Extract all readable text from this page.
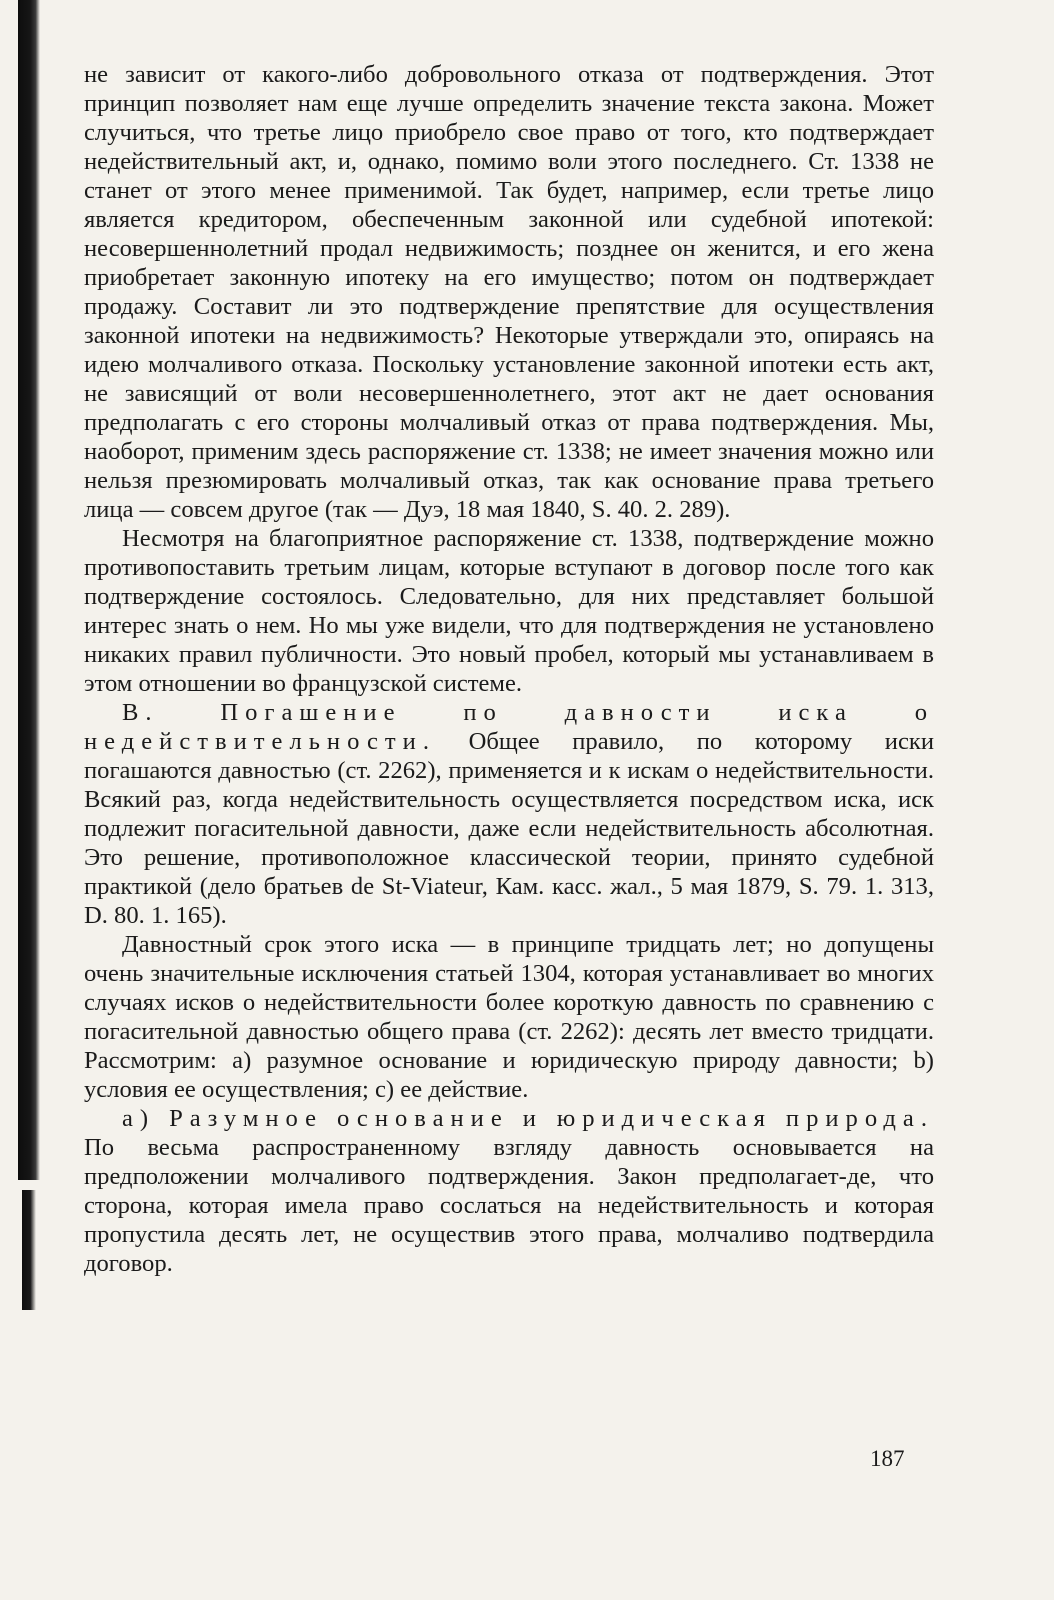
не зависит от какого-либо добровольного отказа от подтверждения. Этот принцип позволяет нам еще лучше определить значение текста закона. Может случиться, что третье лицо приобрело свое право от того, кто подтверждает недействительный акт, и, однако, помимо воли этого последнего. Ст. 1338 не станет от этого менее применимой. Так будет, например, если третье лицо является кредитором, обеспеченным законной или судебной ипотекой: несовершеннолетний продал недвижимость; позднее он женится, и его жена приобретает законную ипотеку на его имущество; потом он подтверждает продажу. Составит ли это подтверждение препятствие для осуществления законной ипотеки на недвижимость? Некоторые утверждали это, опираясь на идею молчаливого отказа. Поскольку установление законной ипотеки есть акт, не зависящий от воли несовершеннолетнего, этот акт не дает основания предполагать с его стороны молчаливый отказ от права подтверждения. Мы, наоборот, применим здесь распоряжение ст. 1338; не имеет значения можно или нельзя презюмировать молчаливый отказ, так как основание права третьего лица — совсем другое (так — Дуэ, 18 мая 1840, S. 40. 2. 289).

Несмотря на благоприятное распоряжение ст. 1338, подтверждение можно противопоставить третьим лицам, которые вступают в договор после того как подтверждение состоялось. Следовательно, для них представляет большой интерес знать о нем. Но мы уже видели, что для подтверждения не установлено никаких правил публичности. Это новый пробел, который мы устанавливаем в этом отношении во французской системе.

B. Погашение по давности иска о недействительности. Общее правило, по которому иски погашаются давностью (ст. 2262), применяется и к искам о недействительности. Всякий раз, когда недействительность осуществляется посредством иска, иск подлежит погасительной давности, даже если недействительность абсолютная. Это решение, противоположное классической теории, принято судебной практикой (дело братьев de St-Viateur, Кам. касс. жал., 5 мая 1879, S. 79. 1. 313, D. 80. 1. 165).

Давностный срок этого иска — в принципе тридцать лет; но допущены очень значительные исключения статьей 1304, которая устанавливает во многих случаях исков о недействительности более короткую давность по сравнению с погасительной давностью общего права (ст. 2262): десять лет вместо тридцати. Рассмотрим: a) разумное основание и юридическую природу давности; b) условия ее осуществления; c) ее действие.

a) Разумное основание и юридическая природа. По весьма распространенному взгляду давность основывается на предположении молчаливого подтверждения. Закон предполагает-де, что сторона, которая имела право сослаться на недействительность и которая пропустила десять лет, не осуществив этого права, молчаливо подтвердила договор.

187
